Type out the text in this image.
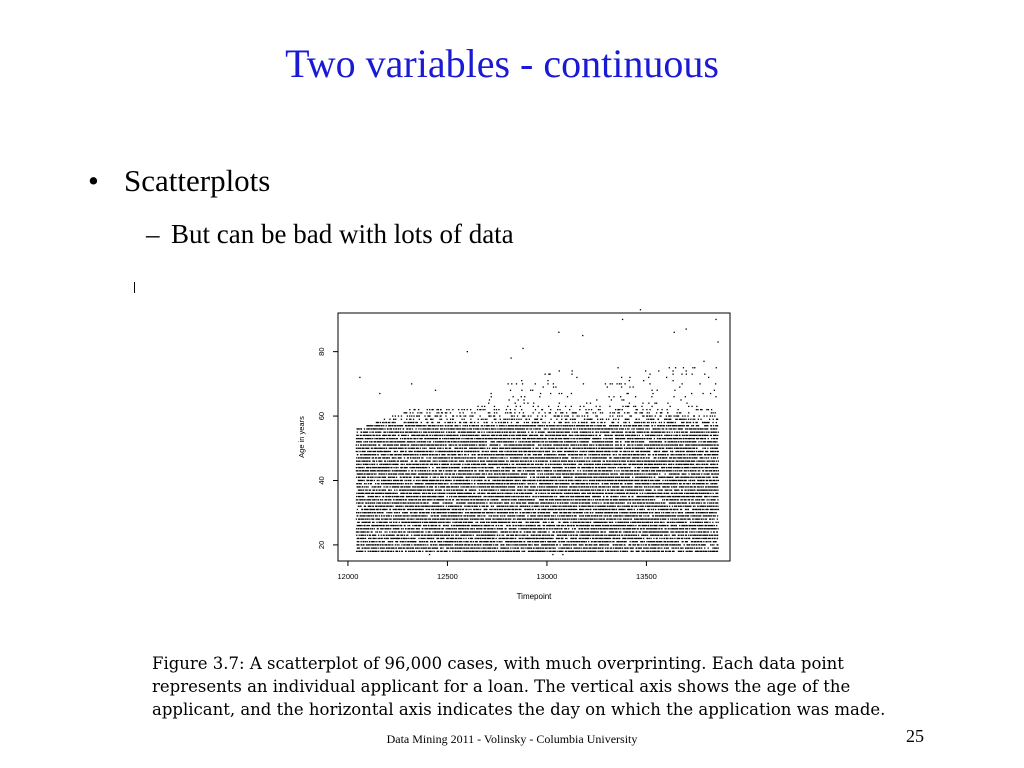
Two variables - continuous
• Scatterplots
– But can be bad with lots of data
12000	12500	13000	13500
20
40
60
80
Timepoint
Age in years
Figure 3.7: A scatterplot of 96,000 cases, with much overprinting. Each data point represents an individual applicant for a loan. The vertical axis shows the age of the applicant, and the horizontal axis indicates the day on which the application was made.
Data Mining 2011 - Volinsky - Columbia University	25
